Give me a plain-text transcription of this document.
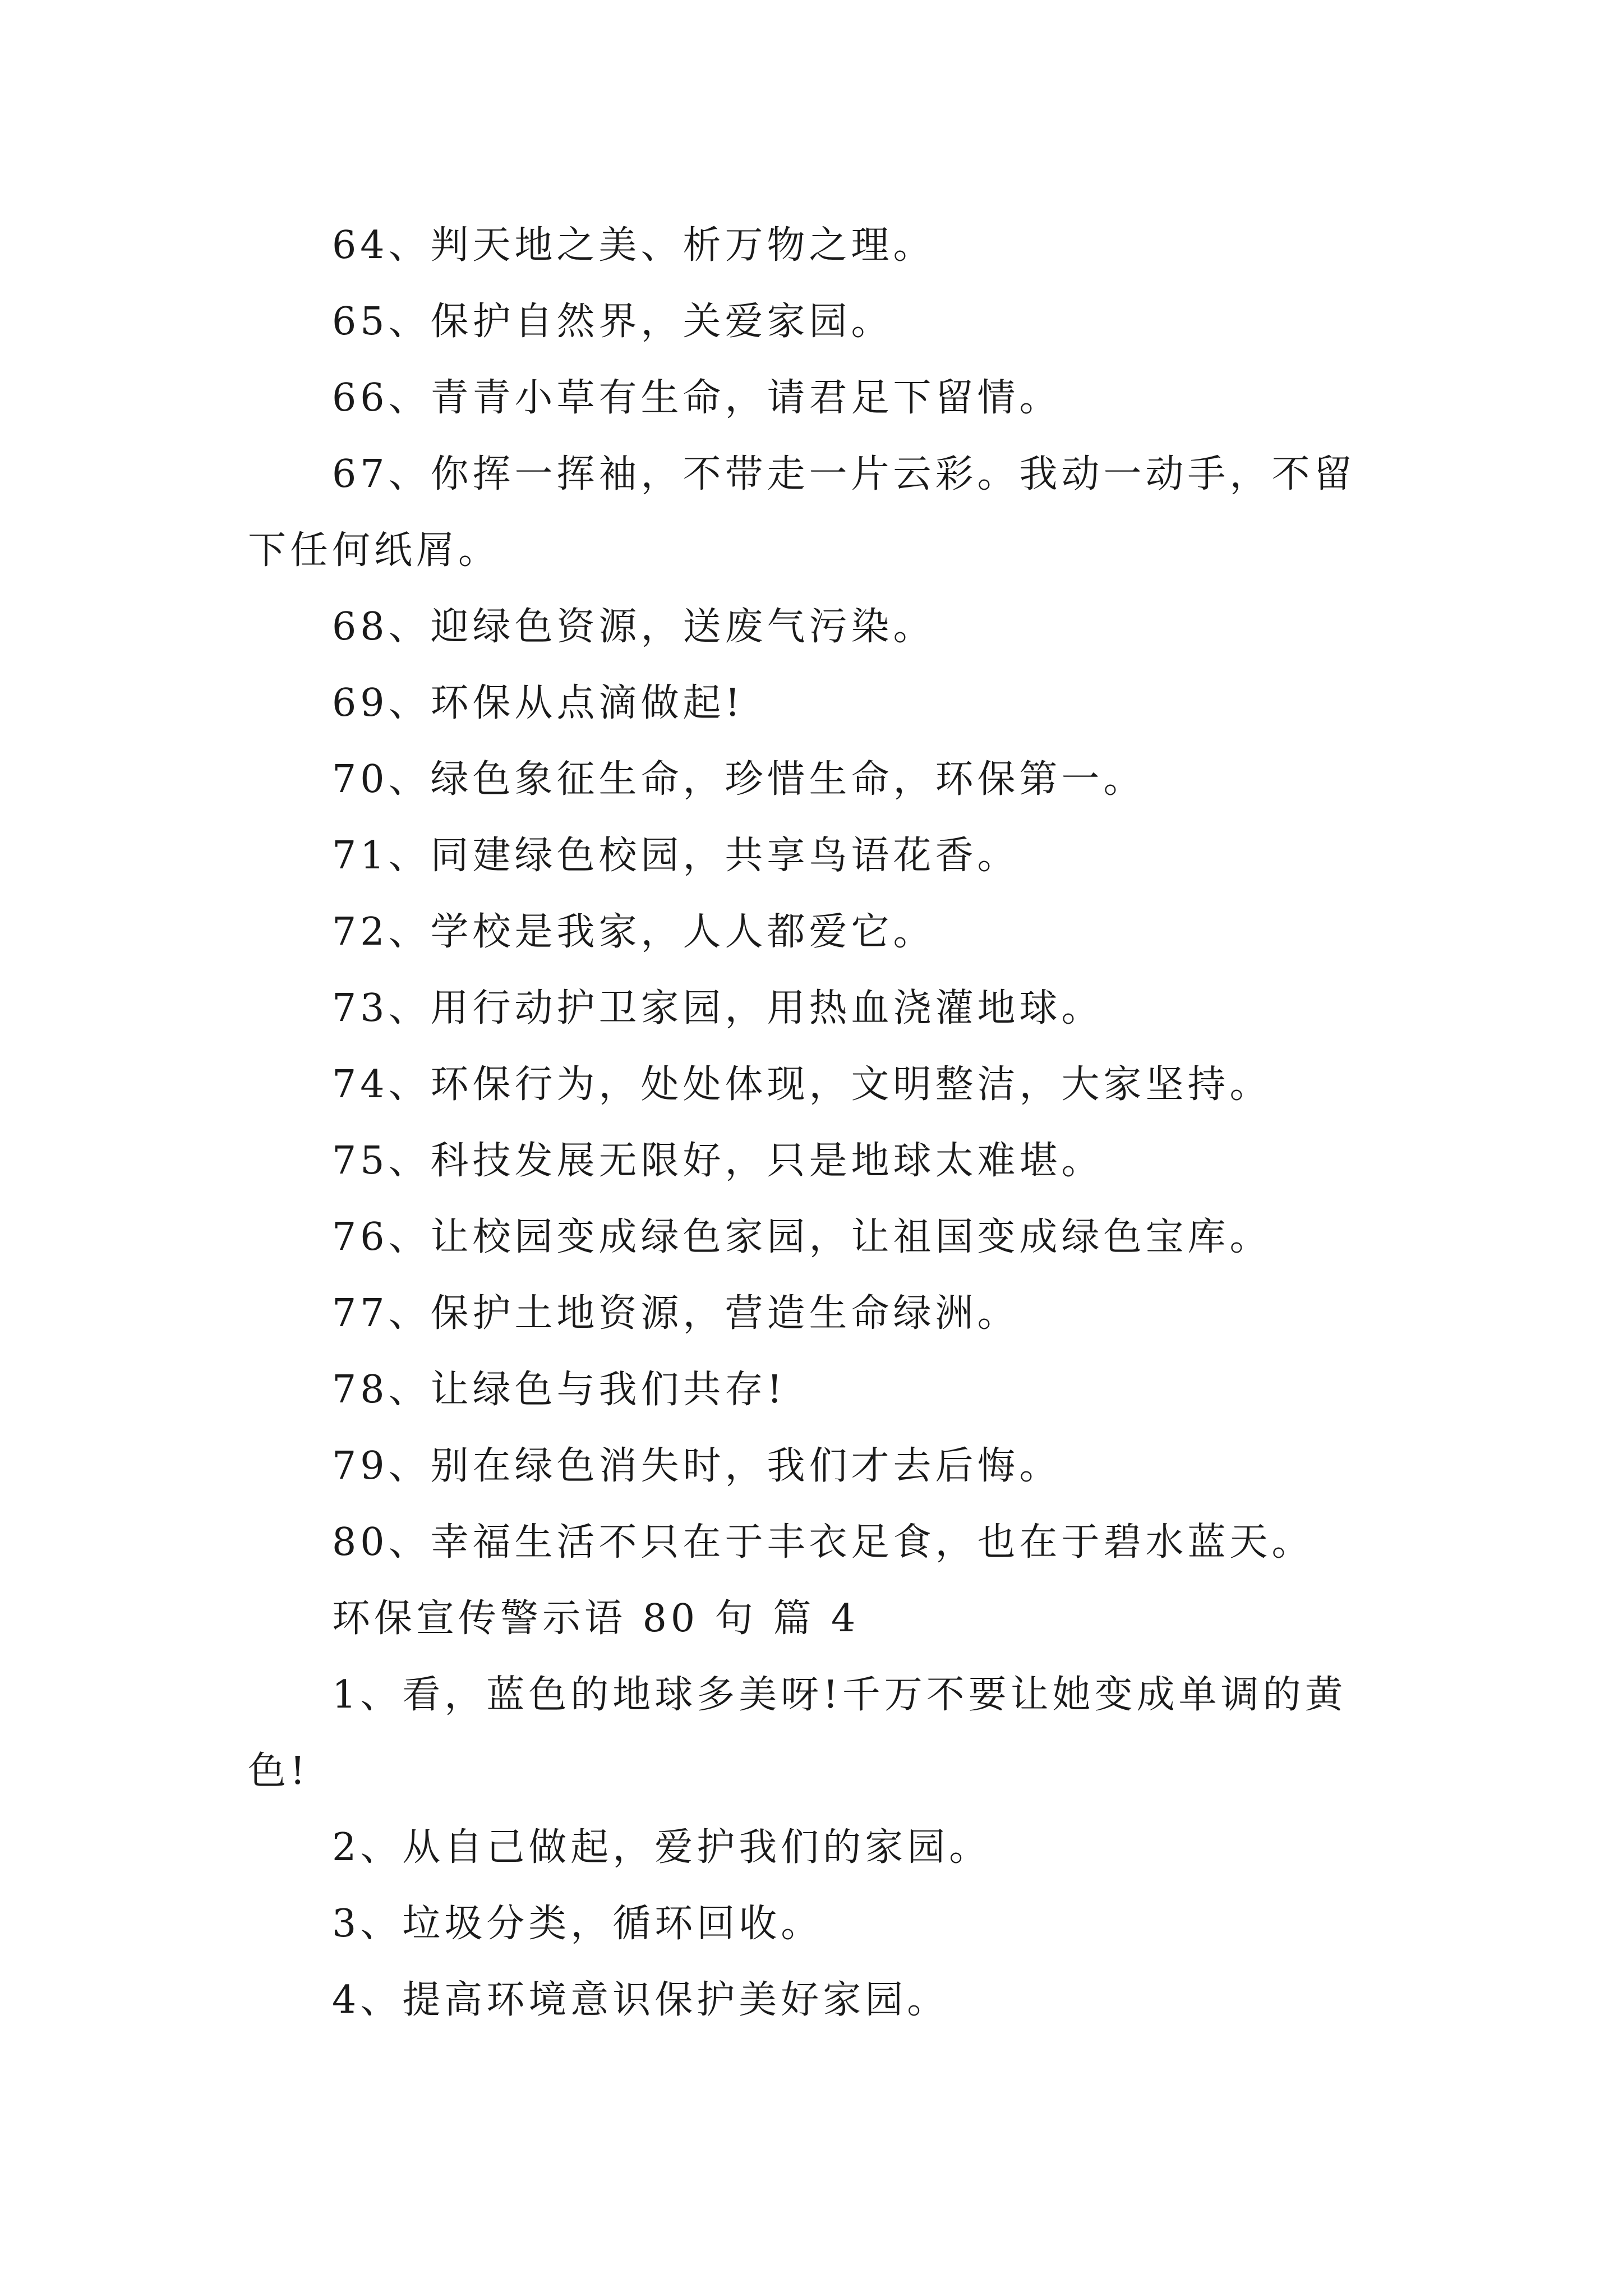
64、判天地之美、析万物之理。

65、保护自然界，关爱家园。

66、青青小草有生命，请君足下留情。

67、你挥一挥袖，不带走一片云彩。我动一动手，不留下任何纸屑。

68、迎绿色资源，送废气污染。

69、环保从点滴做起!

70、绿色象征生命，珍惜生命，环保第一。

71、同建绿色校园，共享鸟语花香。

72、学校是我家，人人都爱它。

73、用行动护卫家园，用热血浇灌地球。

74、环保行为，处处体现，文明整洁，大家坚持。

75、科技发展无限好，只是地球太难堪。

76、让校园变成绿色家园，让祖国变成绿色宝库。

77、保护土地资源，营造生命绿洲。

78、让绿色与我们共存!

79、别在绿色消失时，我们才去后悔。

80、幸福生活不只在于丰衣足食，也在于碧水蓝天。

环保宣传警示语 80 句 篇 4

1、看，蓝色的地球多美呀!千万不要让她变成单调的黄色!

2、从自己做起，爱护我们的家园。

3、垃圾分类，循环回收。

4、提高环境意识保护美好家园。
